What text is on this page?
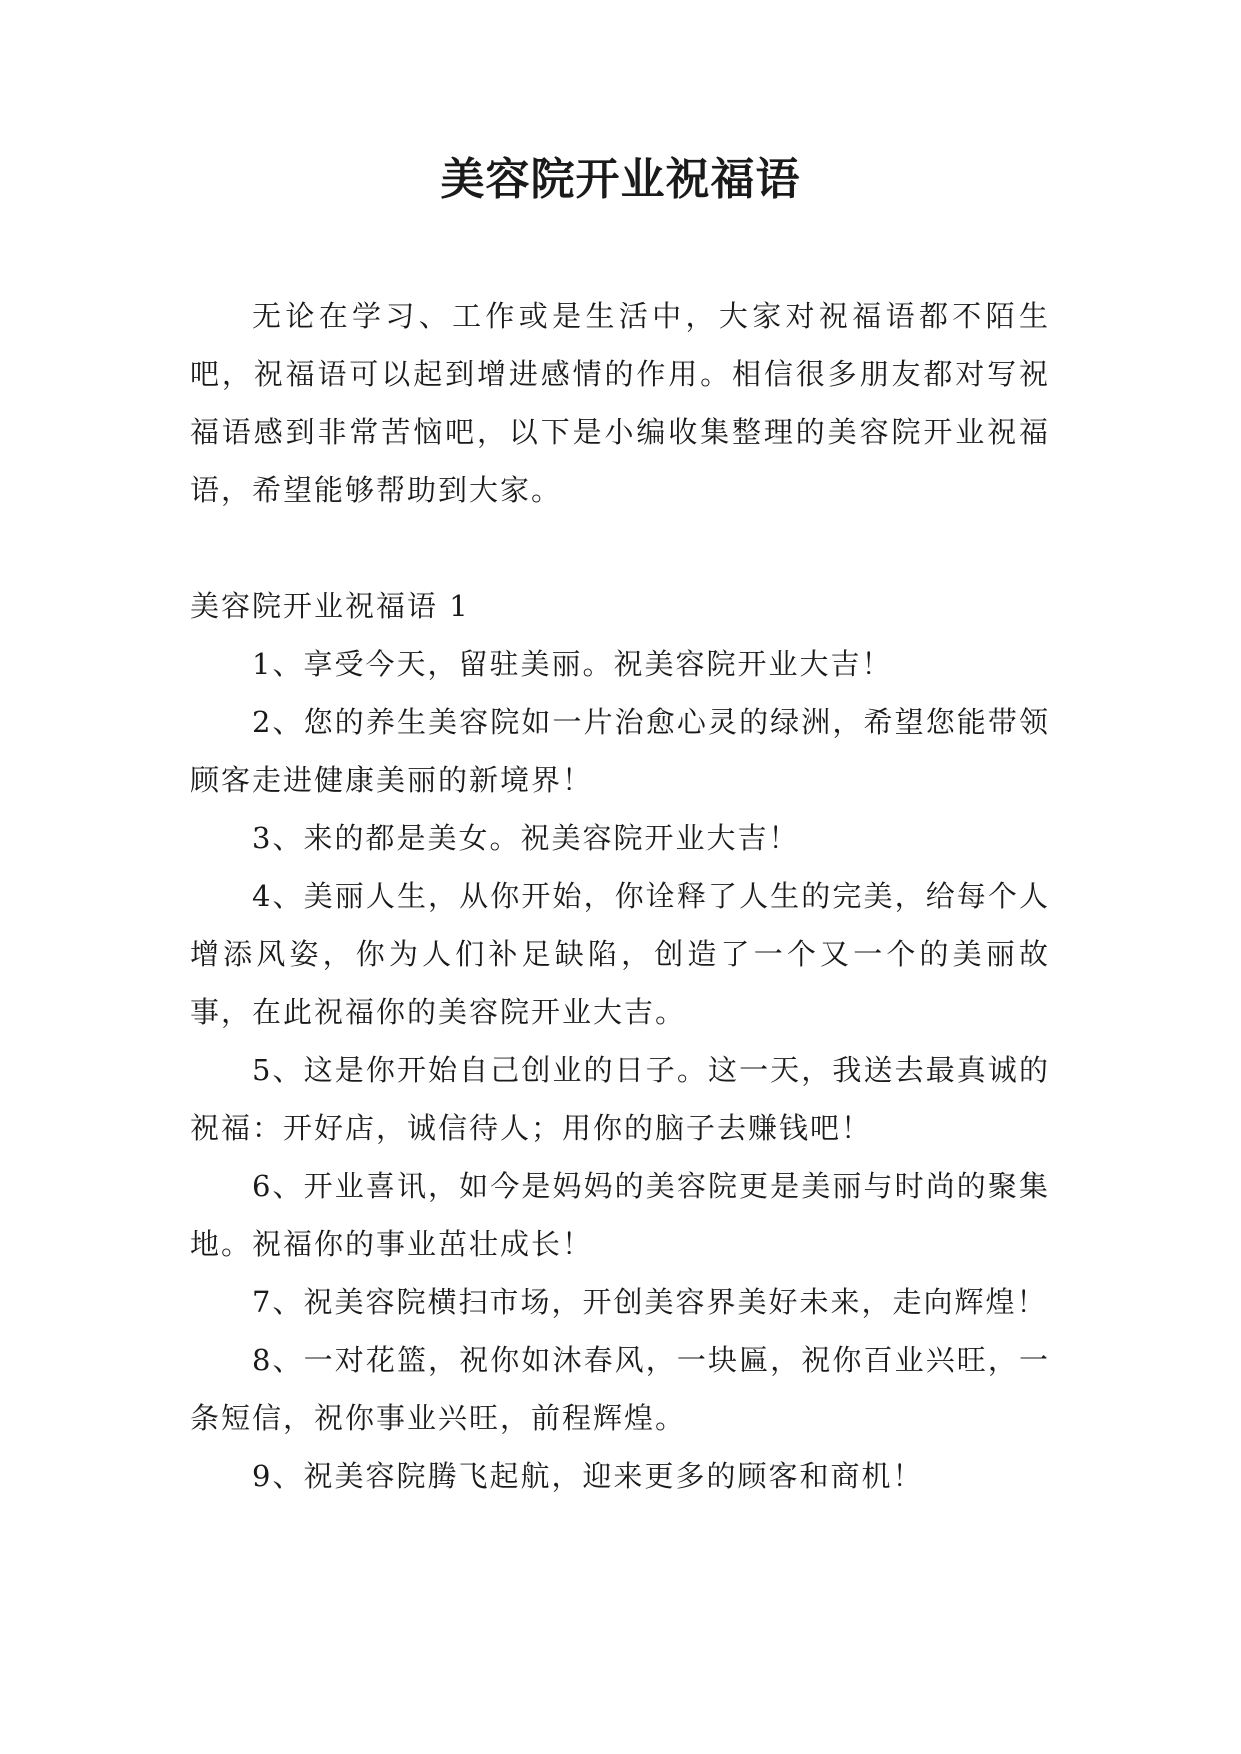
美容院开业祝福语

无论在学习、工作或是生活中，大家对祝福语都不陌生吧，祝福语可以起到增进感情的作用。相信很多朋友都对写祝福语感到非常苦恼吧，以下是小编收集整理的美容院开业祝福语，希望能够帮助到大家。

美容院开业祝福语 1

1、享受今天，留驻美丽。祝美容院开业大吉！

2、您的养生美容院如一片治愈心灵的绿洲，希望您能带领顾客走进健康美丽的新境界！

3、来的都是美女。祝美容院开业大吉！

4、美丽人生，从你开始，你诠释了人生的完美，给每个人增添风姿，你为人们补足缺陷，创造了一个又一个的美丽故事，在此祝福你的美容院开业大吉。

5、这是你开始自己创业的日子。这一天，我送去最真诚的祝福：开好店，诚信待人；用你的脑子去赚钱吧！

6、开业喜讯，如今是妈妈的美容院更是美丽与时尚的聚集地。祝福你的事业茁壮成长！

7、祝美容院横扫市场，开创美容界美好未来，走向辉煌！

8、一对花篮，祝你如沐春风，一块匾，祝你百业兴旺，一条短信，祝你事业兴旺，前程辉煌。

9、祝美容院腾飞起航，迎来更多的顾客和商机！
